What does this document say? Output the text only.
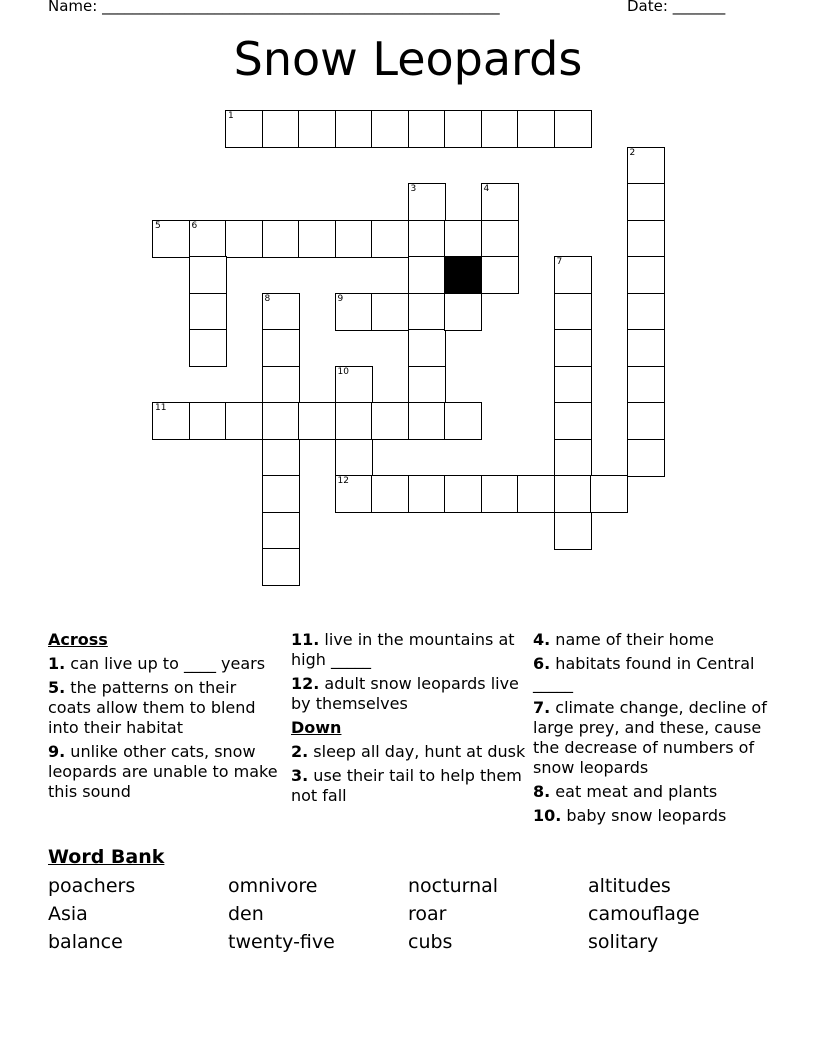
Name: _____________________________________________________	Date: _______
Snow Leopards
1
2
3	4
5	6
7
8	9
10
12
11
Across
1. can live up to ____ years
5. the patterns on their coats allow them to blend into their habitat
9. unlike other cats, snow leopards are unable to make this sound
11. live in the mountains at high _____
12. adult snow leopards live by themselves
Down
2. sleep all day, hunt at dusk
3. use their tail to help them not fall
4. name of their home
6. habitats found in Central _____
7. climate change, decline of large prey, and these, cause the decrease of numbers of snow leopards
8. eat meat and plants
10. baby snow leopards
Word Bank
poachers	omnivore	nocturnal	altitudes
Asia	den	roar	camouflage
balance	twenty-five	cubs	solitary
